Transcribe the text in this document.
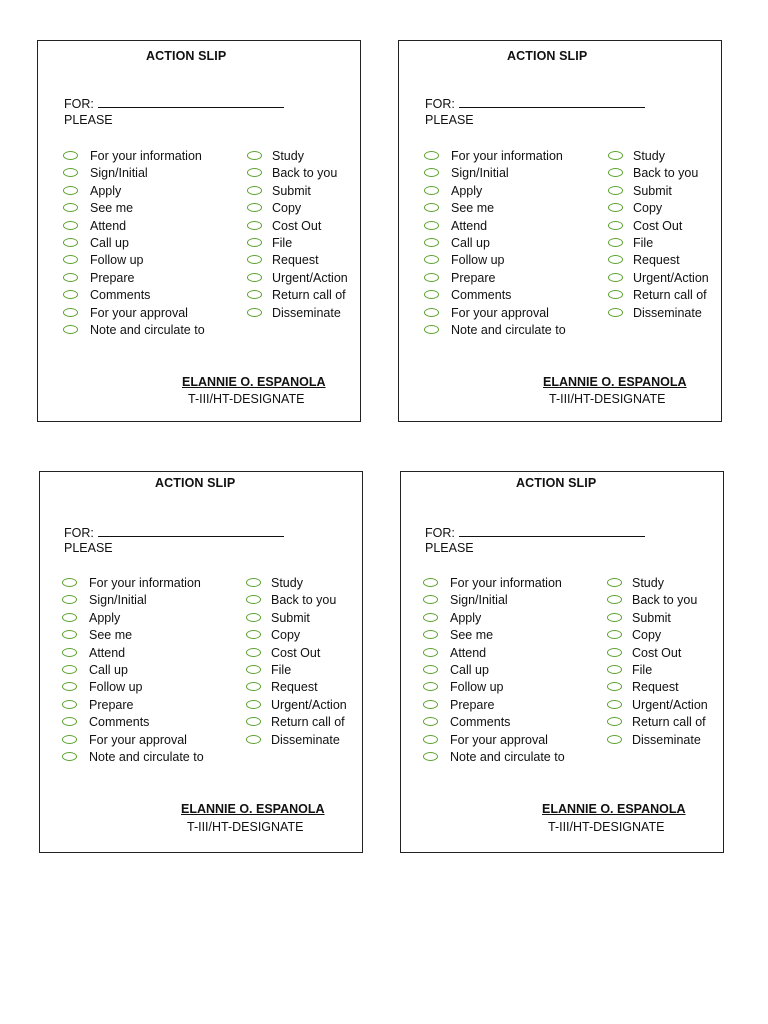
ACTION SLIP
FOR:
PLEASE
For your information
Sign/Initial
Apply
See me
Attend
Call up
Follow up
Prepare
Comments
For your approval
Note and circulate to
Study
Back to you
Submit
Copy
Cost Out
File
Request
Urgent/Action
Return call of
Disseminate
ELANNIE O. ESPANOLA
T-III/HT-DESIGNATE
ACTION SLIP
FOR:
PLEASE
For your information
Sign/Initial
Apply
See me
Attend
Call up
Follow up
Prepare
Comments
For your approval
Note and circulate to
Study
Back to you
Submit
Copy
Cost Out
File
Request
Urgent/Action
Return call of
Disseminate
ELANNIE O. ESPANOLA
T-III/HT-DESIGNATE
ACTION SLIP
FOR:
PLEASE
For your information
Sign/Initial
Apply
See me
Attend
Call up
Follow up
Prepare
Comments
For your approval
Note and circulate to
Study
Back to you
Submit
Copy
Cost Out
File
Request
Urgent/Action
Return call of
Disseminate
ELANNIE O. ESPANOLA
T-III/HT-DESIGNATE
ACTION SLIP
FOR:
PLEASE
For your information
Sign/Initial
Apply
See me
Attend
Call up
Follow up
Prepare
Comments
For your approval
Note and circulate to
Study
Back to you
Submit
Copy
Cost Out
File
Request
Urgent/Action
Return call of
Disseminate
ELANNIE O. ESPANOLA
T-III/HT-DESIGNATE
